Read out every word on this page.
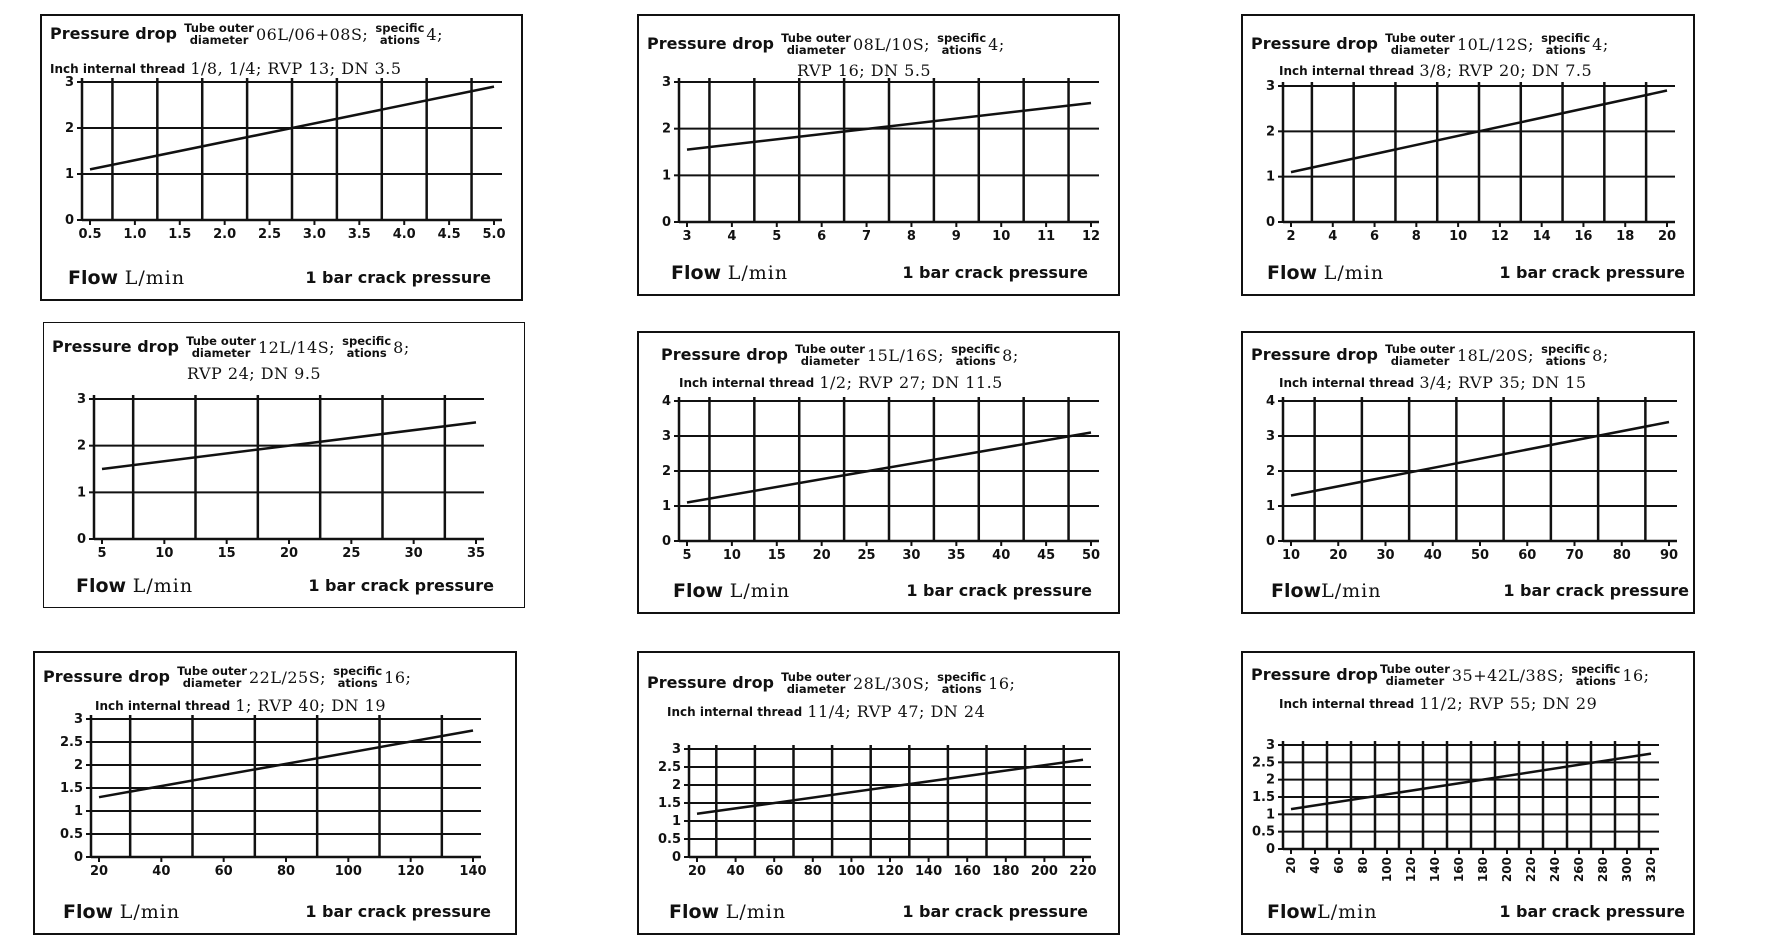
Pressure drop Tube outer
diameter 06L/06+08S; specific
ations 4;
Inch internal thread 1/8, 1/4; RVP 13; DN 3.5
0
1
2
3
0.5 1.0 1.5 2.0 2.5 3.0 3.5 4.0 4.5 5.0
Flow L/min	1 bar crack pressure
Pressure drop Tube outer
diameter 08L/10S; specific
ations 4;
RVP 16; DN 5.5
0
1
2
3
3	4	5	6	7	8	9 10 11 12
Flow L/min	1 bar crack pressure
Pressure drop Tube outer
diameter 10L/12S; specific
ations 4;
Inch internal thread 3/8; RVP 20; DN 7.5
0
1
2
3
2	4	6	8 10 12 14 16 18 20
Flow L/min	1 bar crack pressure
Pressure drop Tube outer
diameter 12L/14S; specific
ations 8;
RVP 24; DN 9.5
0
1
2
3
5	10	15	20	25	30	35
Flow L/min	1 bar crack pressure
Pressure drop Tube outer
diameter 15L/16S; specific
ations 8;
Inch internal thread 1/2; RVP 27; DN 11.5
0
1
2
3
4
5 10 15 20 25 30 35 40 45 50
Flow L/min	1 bar crack pressure
Pressure drop Tube outer
diameter 18L/20S; specific
ations 8;
Inch internal thread 3/4; RVP 35; DN 15
0
1
2
3
4
10 20 30 40 50 60 70 80 90
FlowL/min	1 bar crack pressure
Pressure drop Tube outer
diameter 22L/25S; specific
ations 16;
Inch internal thread 1; RVP 40; DN 19
0
0.5
1
1.5
2
2.5
3
20	40	60	80	100	120	140
Flow L/min	1 bar crack pressure
Pressure drop Tube outer
diameter 28L/30S; specific
ations 16;
Inch internal thread 11/4; RVP 47; DN 24
0
0.5
1
1.5
2
2.5
3
20 40 60 80 100 120 140 160 180 200 220
Flow L/min	1 bar crack pressure
Pressure drop Tube outer
diameter 35+42L/38S; specific
ations 16;
Inch internal thread 11/2; RVP 55; DN 29
0
0.5
1
1.5
2
2.5
3
20 40 60 80 100 120 140 160 180 200 220 240 260 280 300 320
FlowL/min	1 bar crack pressure
